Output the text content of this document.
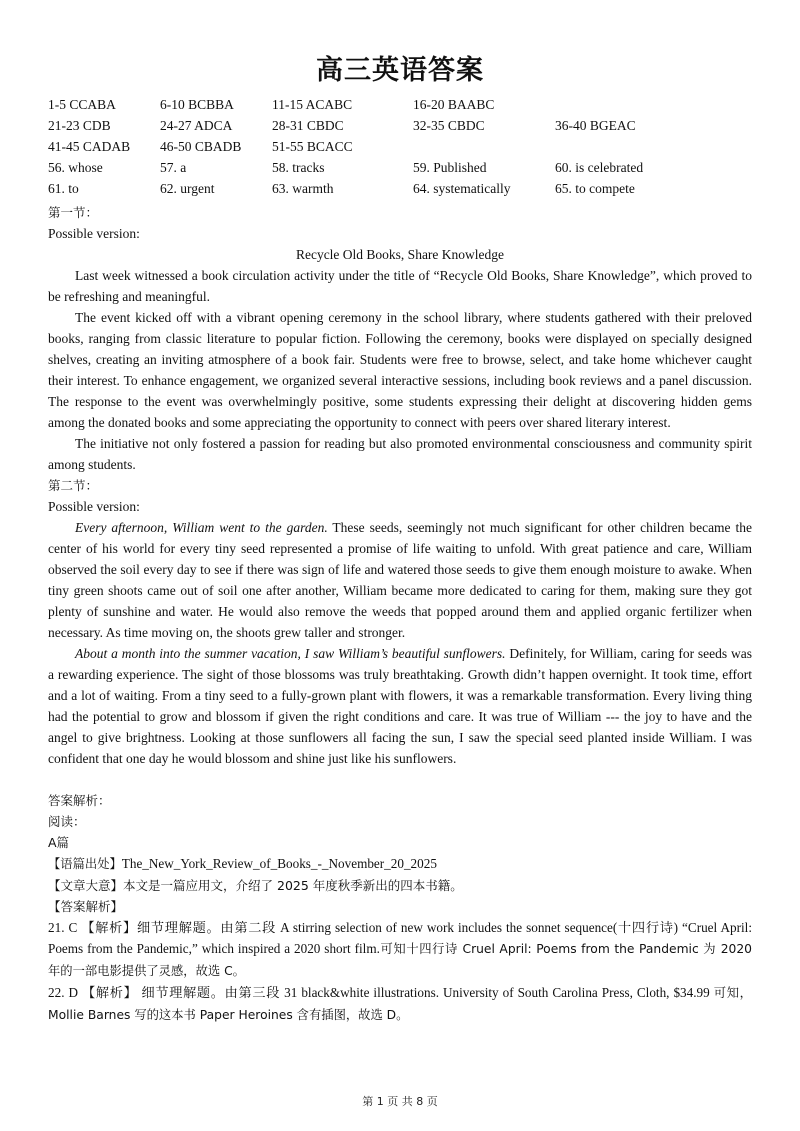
高三英语答案
1-5 CCABA	6-10 BCBBA	11-15 ACABC	16-20 BAABC
21-23 CDB	24-27 ADCA	28-31 CBDC	32-35 CBDC	36-40 BGEAC
41-45 CADAB 46-50 CBADB 51-55 BCACC
56. whose	57. a	58. tracks	59. Published	60. is celebrated
61. to	62. urgent	63. warmth	64. systematically	65. to compete
第一节：
Possible version:
Recycle Old Books, Share Knowledge

Last week witnessed a book circulation activity under the title of “Recycle Old Books, Share Knowledge”, which proved to be refreshing and meaningful.

The event kicked off with a vibrant opening ceremony in the school library, where students gathered with their preloved books, ranging from classic literature to popular fiction. Following the ceremony, books were displayed on specially designed shelves, creating an inviting atmosphere of a book fair. Students were free to browse, select, and take home whichever caught their interest. To enhance engagement, we organized several interactive sessions, including book reviews and a panel discussion. The response to the event was overwhelmingly positive, some students expressing their delight at discovering hidden gems among the donated books and some appreciating the opportunity to connect with peers over shared literary interest.

The initiative not only fostered a passion for reading but also promoted environmental consciousness and community spirit among students.

第二节：
Possible version:

Every afternoon, William went to the garden. These seeds, seemingly not much significant for other children became the center of his world for every tiny seed represented a promise of life waiting to unfold. With great patience and care, William observed the soil every day to see if there was sign of life and watered those seeds to give them enough moisture to awake. When tiny green shoots came out of soil one after another, William became more dedicated to caring for them, making sure they got plenty of sunshine and water. He would also remove the weeds that popped around them and applied organic fertilizer when necessary. As time moving on, the shoots grew taller and stronger.

About a month into the summer vacation, I saw William’s beautiful sunflowers. Definitely, for William, caring for seeds was a rewarding experience. The sight of those blossoms was truly breathtaking. Growth didn’t happen overnight. It took time, effort and a lot of waiting. From a tiny seed to a fully-grown plant with flowers, it was a remarkable transformation. Every living thing had the potential to grow and blossom if given the right conditions and care. It was true of William --- the joy to have and the angel to give brightness. Looking at those sunflowers all facing the sun, I saw the special seed planted inside William. I was confident that one day he would blossom and shine just like his sunflowers.

答案解析：
阅读：
A篇
【语篇出处】The_New_York_Review_of_Books_-_November_20_2025
【文章大意】本文是一篇应用文，介绍了 2025 年度秋季新出的四本书籍。
【答案解析】

21. C 【解析】细节理解题。由第二段 A stirring selection of new work includes the sonnet sequence(十四行诗) “Cruel April: Poems from the Pandemic,” which inspired a 2020 short film.可知十四行诗 Cruel April: Poems from the Pandemic 为 2020 年的一部电影提供了灵感，故选 C。

22. D 【解析】 细节理解题。由第三段 31 black&white illustrations. University of South Carolina Press, Cloth, $34.99 可知，Mollie Barnes 写的这本书 Paper Heroines 含有插图，故选 D。

第 1 页 共 8 页
